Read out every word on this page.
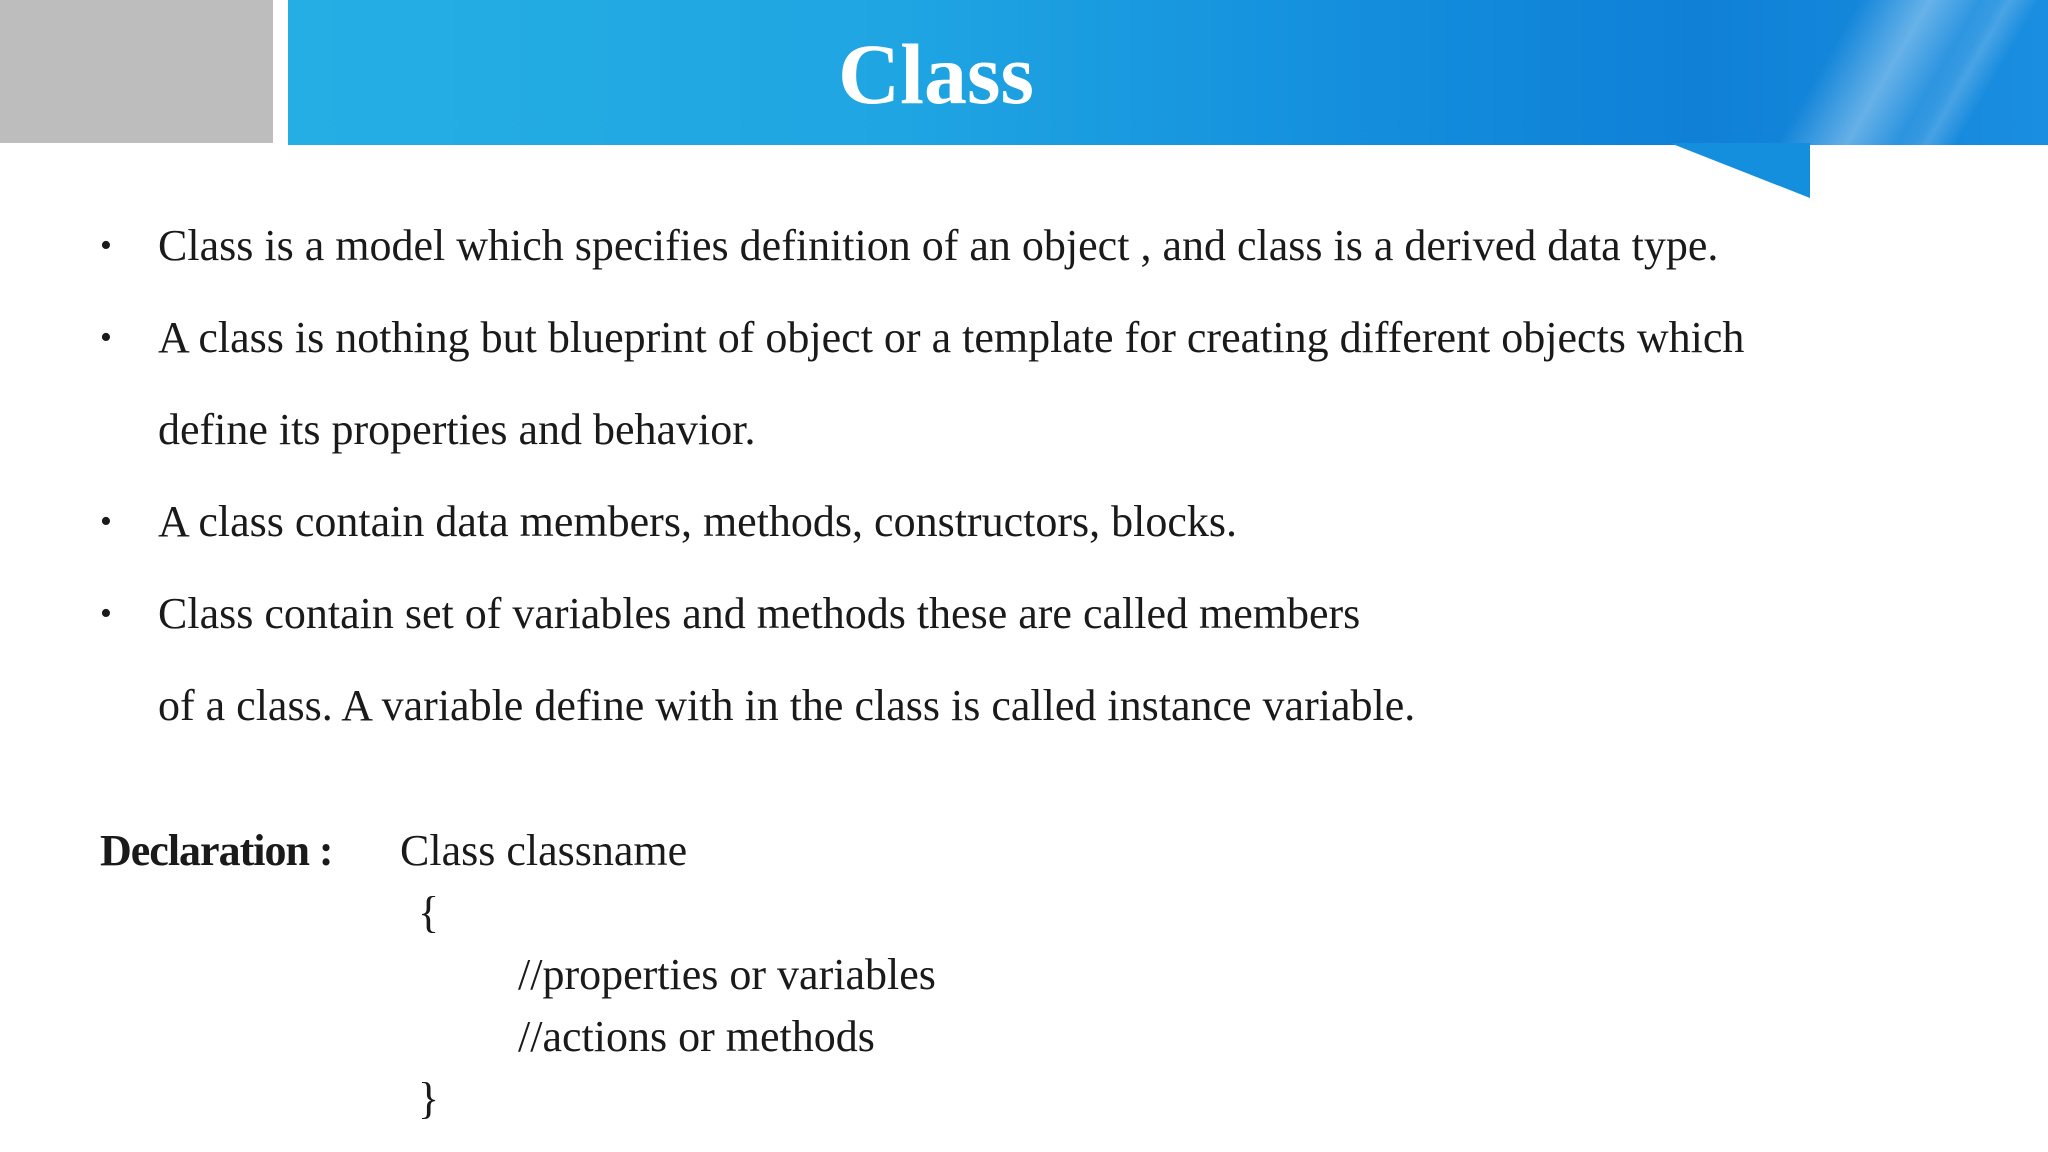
Class
• Class is a model which specifies definition of an object , and class is a derived data type.
• A class is nothing but blueprint of object or a template for creating different objects which
define its properties and behavior.
• A class contain data members, methods, constructors, blocks.
• Class contain set of variables and methods these are called members
of a class. A variable define with in the class is called instance variable.
Declaration : Class classname
{
//properties or variables
//actions or methods
}
